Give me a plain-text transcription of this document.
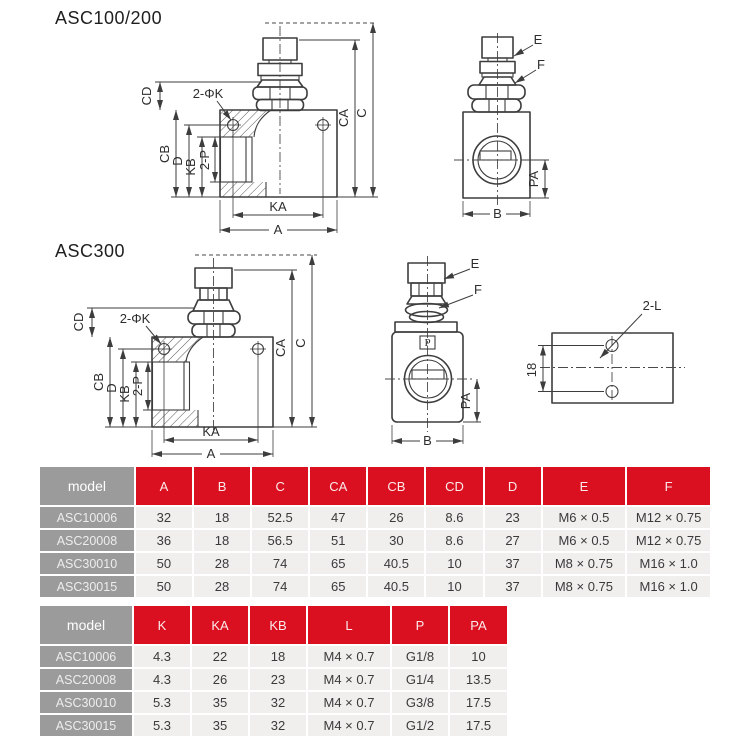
ASC100/200
CD
CB
D
KB 2-P
2-ΦK
KA
A
CA C
E
F
PA
B
ASC300
CD
CB
D
KB
2-P
2-ΦK
KA
A
CA C	P
E
F
PA
B
2-L
18
model	A	B	C	CA	CB	CD	D	E	F
ASC10006	32	18	52.5	47	26	8.6	23	M6 × 0.5	M12 × 0.75
ASC20008	36	18	56.5	51	30	8.6	27	M6 × 0.5	M12 × 0.75
ASC30010	50	28	74	65	40.5	10	37	M8 × 0.75	M16 × 1.0
ASC30015	50	28	74	65	40.5	10	37	M8 × 0.75	M16 × 1.0
model	K	KA	KB	L	P	PA
ASC10006	4.3	22	18	M4 × 0.7	G1/8	10
ASC20008	4.3	26	23	M4 × 0.7	G1/4	13.5
ASC30010	5.3	35	32	M4 × 0.7	G3/8	17.5
ASC30015	5.3	35	32	M4 × 0.7	G1/2	17.5
